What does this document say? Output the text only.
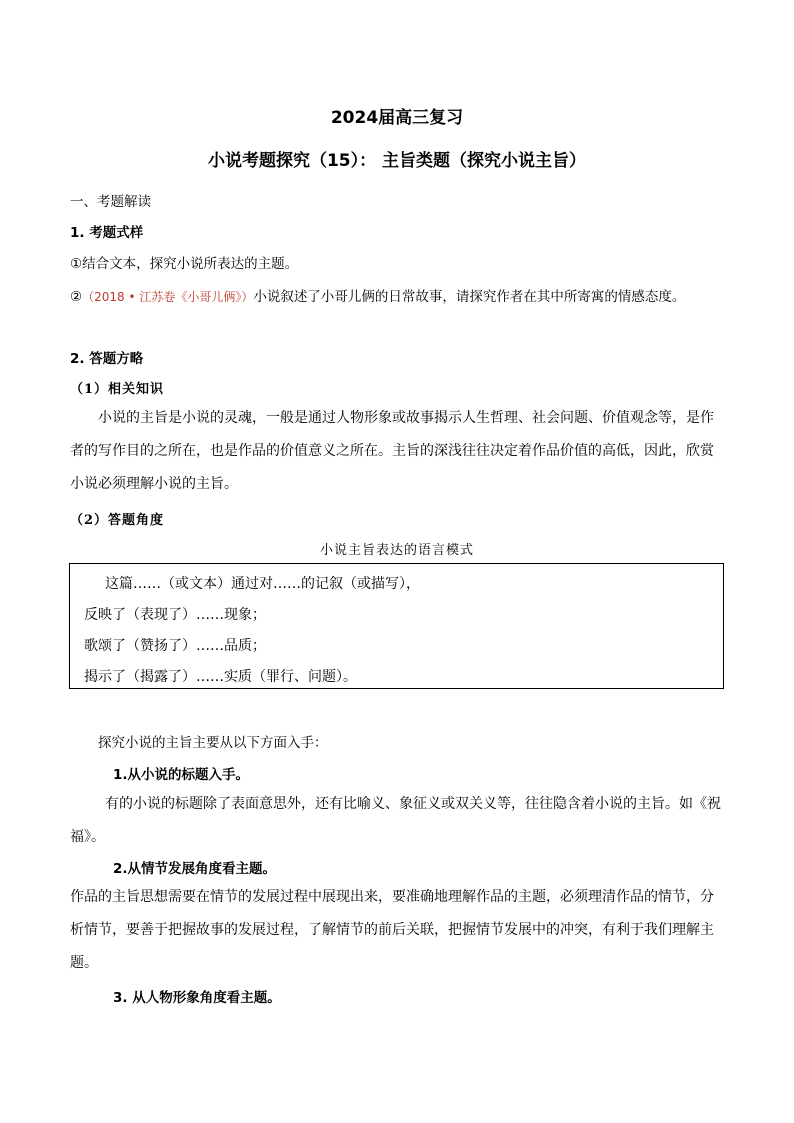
2024届高三复习
小说考题探究（15）： 主旨类题（探究小说主旨）
一、考题解读
1. 考题式样
①结合文本，探究小说所表达的主题。
②（2018 • 江苏卷《小哥儿俩》）小说叙述了小哥儿俩的日常故事，请探究作者在其中所寄寓的情感态度。
2. 答题方略
（1）相关知识
小说的主旨是小说的灵魂，一般是通过人物形象或故事揭示人生哲理、社会问题、价值观念等，是作者的写作目的之所在，也是作品的价值意义之所在。主旨的深浅往往决定着作品价值的高低，因此，欣赏小说必须理解小说的主旨。
（2）答题角度
小说主旨表达的语言模式
这篇……（或文本）通过对……的记叙（或描写），
反映了（表现了）……现象；
歌颂了（赞扬了）……品质；
揭示了（揭露了）……实质（罪行、问题）。
探究小说的主旨主要从以下方面入手：
1.从小说的标题入手。
有的小说的标题除了表面意思外，还有比喻义、象征义或双关义等，往往隐含着小说的主旨。如《祝福》。
2.从情节发展角度看主题。
作品的主旨思想需要在情节的发展过程中展现出来，要准确地理解作品的主题，必须理清作品的情节，分析情节，要善于把握故事的发展过程，了解情节的前后关联，把握情节发展中的冲突，有利于我们理解主题。
3. 从人物形象角度看主题。
